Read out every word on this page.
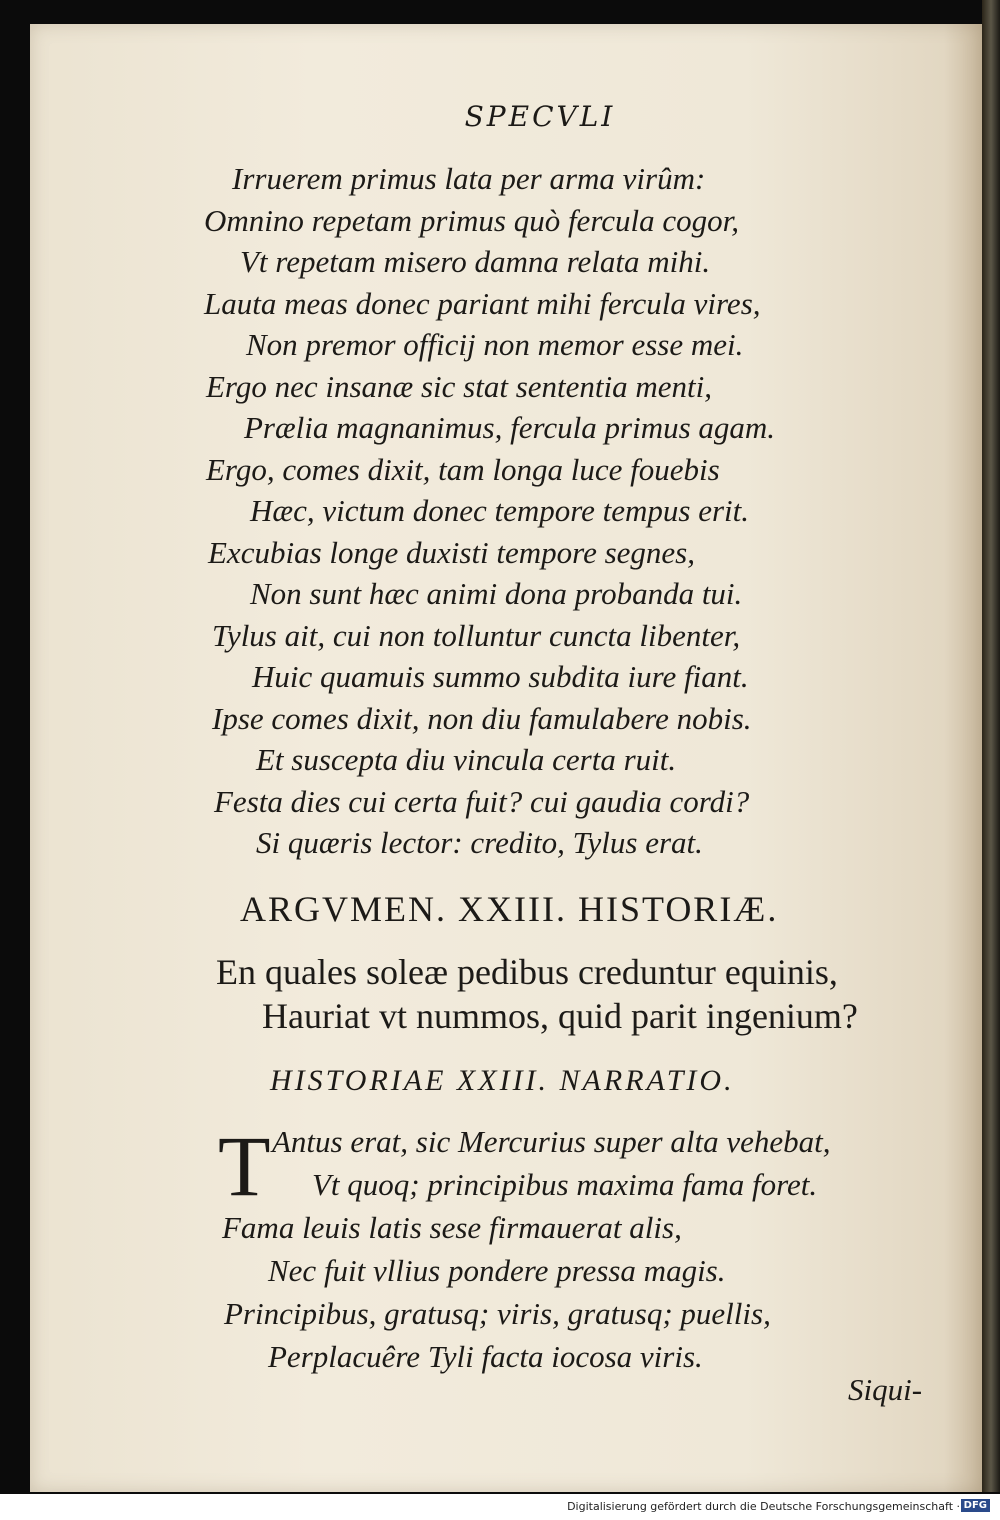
SPECVLI
Irruerem primus lata per arma virûm:
Omnino repetam primus quò fercula cogor,
Vt repetam misero damna relata mihi.
Lauta meas donec pariant mihi fercula vires,
Non premor officij non memor esse mei.
Ergo nec insanæ sic stat sententia menti,
Prælia magnanimus, fercula primus agam.
Ergo, comes dixit, tam longa luce fouebis
Hæc, victum donec tempore tempus erit.
Excubias longe duxisti tempore segnes,
Non sunt hæc animi dona probanda tui.
Tylus ait, cui non tolluntur cuncta libenter,
Huic quamuis summo subdita iure fiant.
Ipse comes dixit, non diu famulabere nobis.
Et suscepta diu vincula certa ruit.
Festa dies cui certa fuit? cui gaudia cordi?
Si quæris lector: credito, Tylus erat.
ARGVMEN. XXIII. HISTORIÆ.
En quales soleæ pedibus creduntur equinis,
Hauriat vt nummos, quid parit ingenium?
HISTORIAE XXIII. NARRATIO.
T Antus erat, sic Mercurius super alta vehebat,
Vt quoq; principibus maxima fama foret.
Fama leuis latis sese firmauerat alis,
Nec fuit vllius pondere pressa magis.
Principibus, gratusq; viris, gratusq; puellis,
Perplacuêre Tyli facta iocosa viris.
Siqui-
Digitalisierung gefördert durch die Deutsche Forschungsgemeinschaft · DFG
